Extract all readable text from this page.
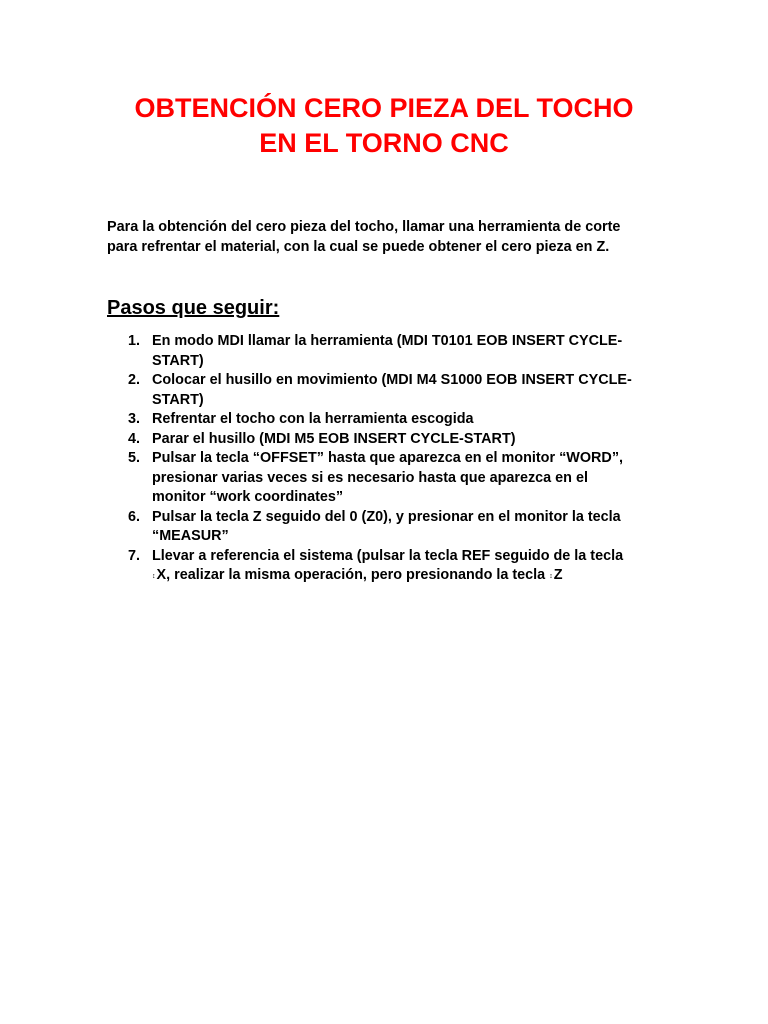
OBTENCIÓN CERO PIEZA DEL TOCHO
EN EL TORNO CNC

Para la obtención del cero pieza del tocho, llamar una herramienta de corte
para refrentar el material, con la cual se puede obtener el cero pieza en Z.

Pasos que seguir:
1. En modo MDI llamar la herramienta (MDI T0101 EOB INSERT CYCLE-
START)
2. Colocar el husillo en movimiento (MDI M4 S1000 EOB INSERT CYCLE-
START)
3. Refrentar el tocho con la herramienta escogida
4. Parar el husillo (MDI M5 EOB INSERT CYCLE-START)
5. Pulsar la tecla “OFFSET” hasta que aparezca en el monitor “WORD”,
presionar varias veces si es necesario hasta que aparezca en el
monitor “work coordinates”
6. Pulsar la tecla Z seguido del 0 (Z0), y presionar en el monitor la tecla
“MEASUR”
7. Llevar a referencia el sistema (pulsar la tecla REF seguido de la tecla
↕X, realizar la misma operación, pero presionando la tecla ↕Z
